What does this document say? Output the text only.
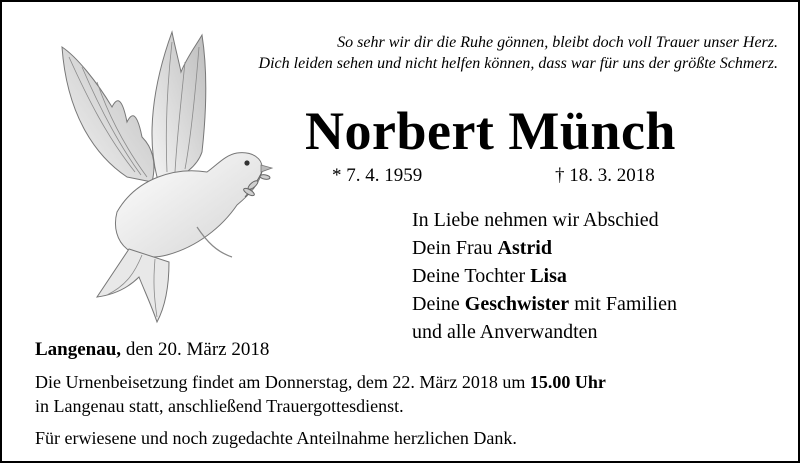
So sehr wir dir die Ruhe gönnen, bleibt doch voll Trauer unser Herz.
Dich leiden sehen und nicht helfen können, dass war für uns der größte Schmerz.
Norbert Münch
* 7. 4. 1959	† 18. 3. 2018
In Liebe nehmen wir Abschied
Dein Frau Astrid
Deine Tochter Lisa
Deine Geschwister mit Familien
und alle Anverwandten
Langenau, den 20. März 2018
Die Urnenbeisetzung findet am Donnerstag, dem 22. März 2018 um 15.00 Uhr
in Langenau statt, anschließend Trauergottesdienst.
Für erwiesene und noch zugedachte Anteilnahme herzlichen Dank.
